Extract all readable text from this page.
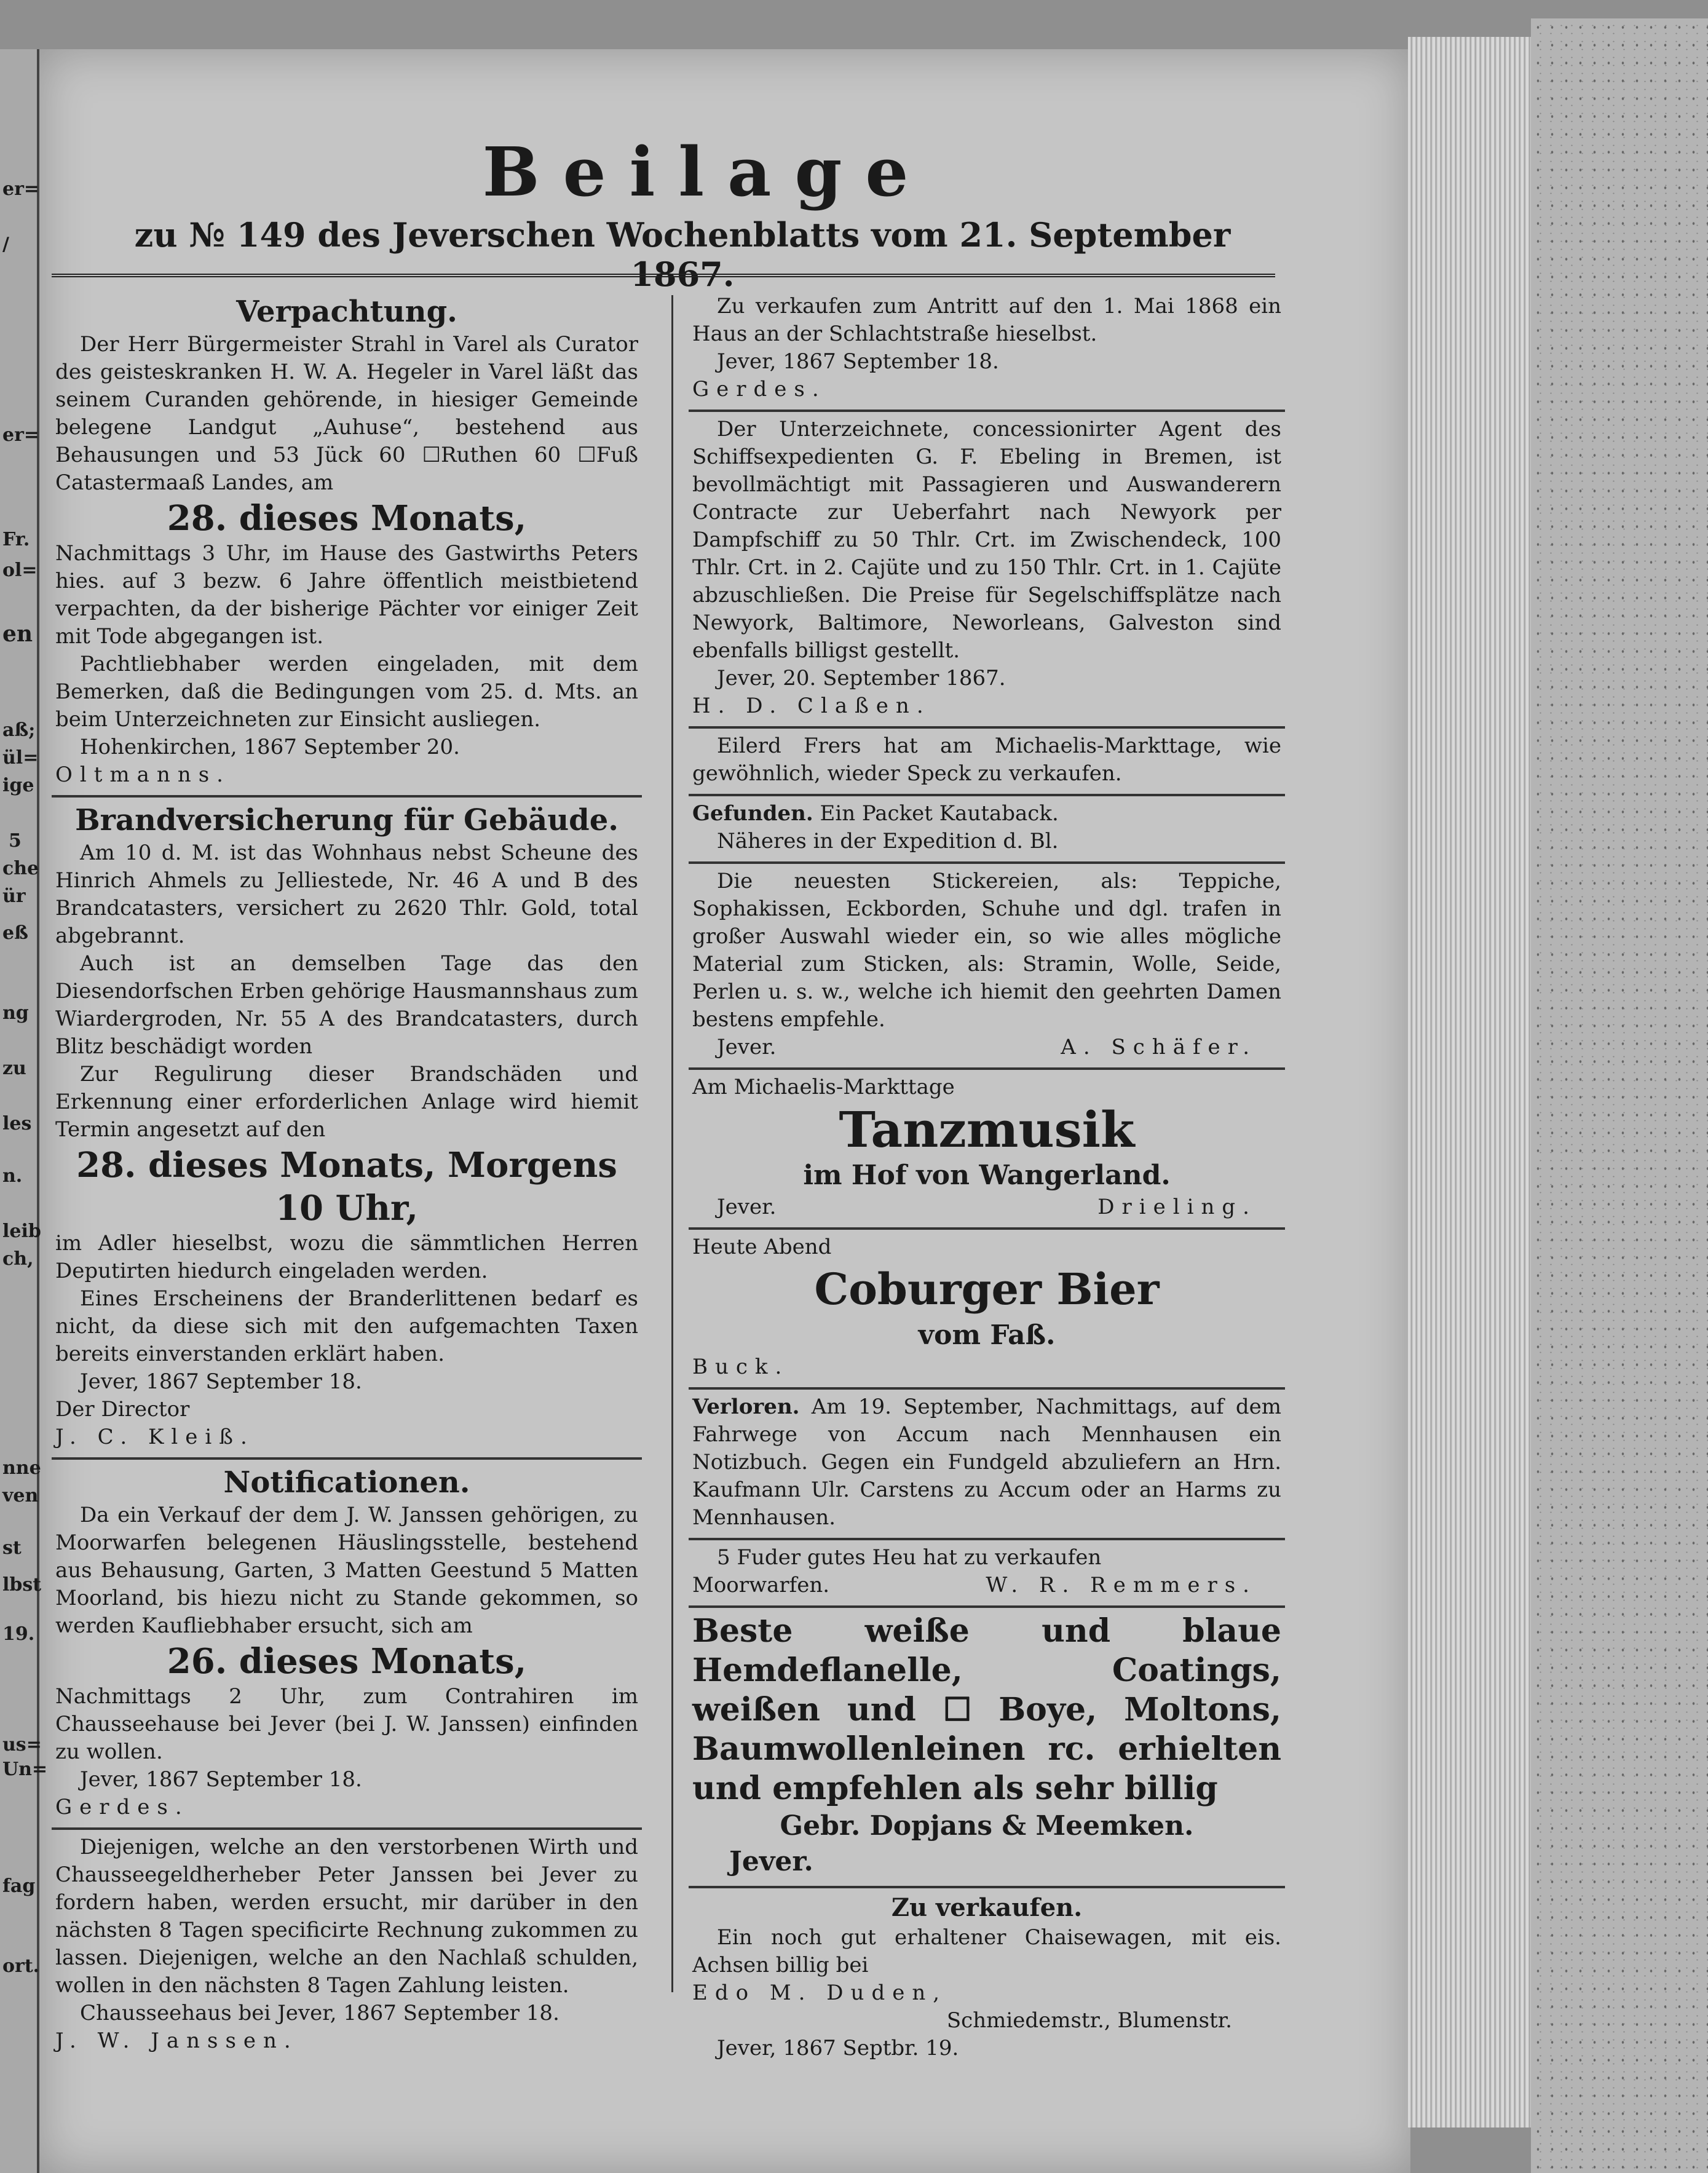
Beilage
zu № 149 des Jeverschen Wochenblatts vom 21. September 1867.
Verpachtung.

Der Herr Bürgermeister Strahl in Varel als Curator des geisteskranken H. W. A. Hegeler in Varel läßt das seinem Curanden gehörende, in hiesiger Gemeinde belegene Landgut „Auhuse“, bestehend aus Behausungen und 53 Jück 60 ☐Ruthen 60 ☐Fuß Catastermaaß Landes, am

28. dieses Monats,

Nachmittags 3 Uhr, im Hause des Gastwirths Peters hies. auf 3 bezw. 6 Jahre öffentlich meistbietend verpachten, da der bisherige Pächter vor einiger Zeit mit Tode abgegangen ist.

Pachtliebhaber werden eingeladen, mit dem Bemerken, daß die Bedingungen vom 25. d. Mts. an beim Unterzeichneten zur Einsicht ausliegen.

Hohenkirchen, 1867 September 20.

Oltmanns.

Brandversicherung für Gebäude.

Am 10 d. M. ist das Wohnhaus nebst Scheune des Hinrich Ahmels zu Jelliestede, Nr. 46 A und B des Brandcatasters, versichert zu 2620 Thlr. Gold, total abgebrannt.

Auch ist an demselben Tage das den Diesendorfschen Erben gehörige Hausmannshaus zum Wiardergroden, Nr. 55 A des Brandcatasters, durch Blitz beschädigt worden

Zur Regulirung dieser Brandschäden und Erkennung einer erforderlichen Anlage wird hiemit Termin angesetzt auf den

28. dieses Monats, Morgens 10 Uhr,

im Adler hieselbst, wozu die sämmtlichen Herren Deputirten hiedurch eingeladen werden.

Eines Erscheinens der Branderlittenen bedarf es nicht, da diese sich mit den aufgemachten Taxen bereits einverstanden erklärt haben.

Jever, 1867 September 18.

Der Director

J. C. Kleiß.

Notificationen.

Da ein Verkauf der dem J. W. Janssen gehörigen, zu Moorwarfen belegenen Häuslingsstelle, bestehend aus Behausung, Garten, 3 Matten Geestund 5 Matten Moorland, bis hiezu nicht zu Stande gekommen, so werden Kaufliebhaber ersucht, sich am

26. dieses Monats,

Nachmittags 2 Uhr, zum Contrahiren im Chausseehause bei Jever (bei J. W. Janssen) einfinden zu wollen.

Jever, 1867 September 18.

Gerdes.

Diejenigen, welche an den verstorbenen Wirth und Chausseegeldherheber Peter Janssen bei Jever zu fordern haben, werden ersucht, mir darüber in den nächsten 8 Tagen specificirte Rechnung zukommen zu lassen. Diejenigen, welche an den Nachlaß schulden, wollen in den nächsten 8 Tagen Zahlung leisten.

Chausseehaus bei Jever, 1867 September 18.

J. W. Janssen.

Zu verkaufen zum Antritt auf den 1. Mai 1868 ein Haus an der Schlachtstraße hieselbst.

Jever, 1867 September 18.

Gerdes.

Der Unterzeichnete, concessionirter Agent des Schiffsexpedienten G. F. Ebeling in Bremen, ist bevollmächtigt mit Passagieren und Auswanderern Contracte zur Ueberfahrt nach Newyork per Dampfschiff zu 50 Thlr. Crt. im Zwischendeck, 100 Thlr. Crt. in 2. Cajüte und zu 150 Thlr. Crt. in 1. Cajüte abzuschließen. Die Preise für Segelschiffsplätze nach Newyork, Baltimore, Neworleans, Galveston sind ebenfalls billigst gestellt.

Jever, 20. September 1867.

H. D. Claßen.

Eilerd Frers hat am Michaelis-Markttage, wie gewöhnlich, wieder Speck zu verkaufen.

Gefunden. Ein Packet Kautaback.

Näheres in der Expedition d. Bl.

Die neuesten Stickereien, als: Teppiche, Sophakissen, Eckborden, Schuhe und dgl. trafen in großer Auswahl wieder ein, so wie alles mögliche Material zum Sticken, als: Stramin, Wolle, Seide, Perlen u. s. w., welche ich hiemit den geehrten Damen bestens empfehle.

Jever.	A. Schäfer.

Am Michaelis-Markttage

Tanzmusik
im Hof von Wangerland.
Jever.	Drieling.

Heute Abend

Coburger Bier
vom Faß.

Buck.

Verloren. Am 19. September, Nachmittags, auf dem Fahrwege von Accum nach Mennhausen ein Notizbuch. Gegen ein Fundgeld abzuliefern an Hrn. Kaufmann Ulr. Carstens zu Accum oder an Harms zu Mennhausen.

5 Fuder gutes Heu hat zu verkaufen

Moorwarfen.	W. R. Remmers.

Beste weiße und blaue Hemdeflanelle, Coatings, weißen und ☐ Boye, Moltons, Baumwollenleinen rc. erhielten und empfehlen als sehr billig

Gebr. Dopjans & Meemken.

Jever.

Zu verkaufen.

Ein noch gut erhaltener Chaisewagen, mit eis. Achsen billig bei

Edo M. Duden,

Schmiedemstr., Blumenstr.

Jever, 1867 Septbr. 19.

er=
/
er=
Fr.
ol=
en
aß;
ül=
ige
5
che
ür
eß
ng
zu
les
n.
leib
ch,
nne
ven
st
lbst
19.
us=
Un=
fag
ort.
